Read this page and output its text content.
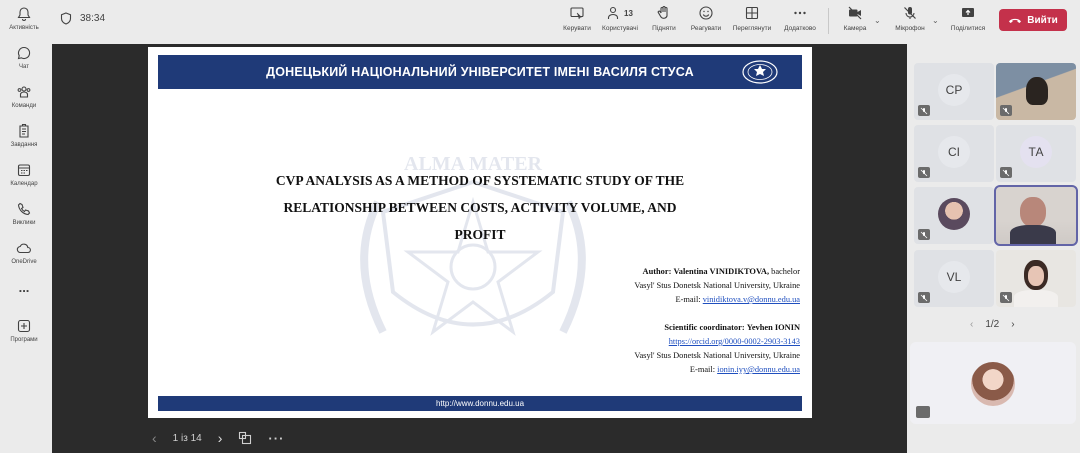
Активність
Чат
Команди
Завдання
Календар
Виклики
OneDrive
...
Програми
38:34
Керувати
13
Користувачі Підняти Реагувати Переглянути Додатково	Камера
⌄
Мікрофон
⌄
Поділитися
Вийти
ДОНЕЦЬКИЙ НАЦІОНАЛЬНИЙ УНІВЕРСИТЕТ ІМЕНІ ВАСИЛЯ СТУСА
ALMA MATER
CVP ANALYSIS AS A METHOD OF SYSTEMATIC STUDY OF THE
RELATIONSHIP BETWEEN COSTS, ACTIVITY VOLUME, AND
PROFIT
Author: Valentina VINIDIKTOVA, bachelor
Vasyl' Stus Donetsk National University, Ukraine
E-mail: vinidiktova.v@donnu.edu.ua
Scientific coordinator: Yevhen IONIN
https://orcid.org/0000-0002-2903-3143
Vasyl' Stus Donetsk National University, Ukraine
E-mail: ionin.iyy@donnu.edu.ua
http://www.donnu.edu.ua
‹ 1 із 14 ›	···
CP
CI	ТА
VL
‹ 1/2 ›
